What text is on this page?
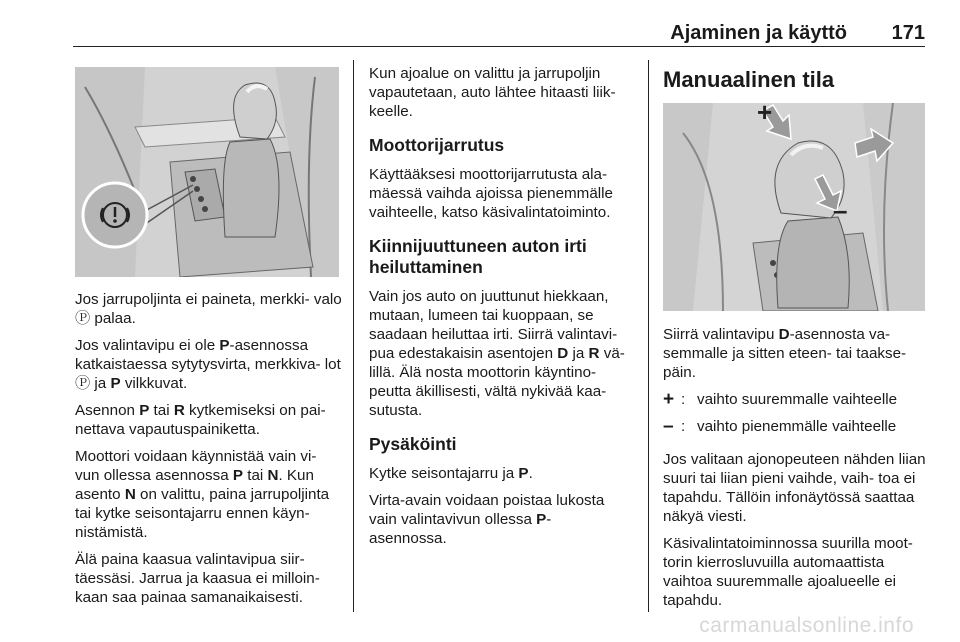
Ajaminen ja käyttö 171

Jos jarrupoljinta ei paineta, merkki- valo Ⓟ palaa.

Jos valintavipu ei ole P-asennossa katkaistaessa sytytysvirta, merkkiva- lot Ⓟ ja P vilkkuvat.

Asennon P tai R kytkemiseksi on pai- nettava vapautuspainiketta.

Moottori voidaan käynnistää vain vi- vun ollessa asennossa P tai N. Kun asento N on valittu, paina jarrupoljinta tai kytke seisontajarru ennen käyn- nistämistä.

Älä paina kaasua valintavipua siir- täessäsi. Jarrua ja kaasua ei milloin- kaan saa painaa samanaikaisesti.

Kun ajoalue on valittu ja jarrupoljin vapautetaan, auto lähtee hitaasti liik- keelle.

Moottorijarrutus

Käyttääksesi moottorijarrutusta ala- mäessä vaihda ajoissa pienemmälle vaihteelle, katso käsivalintatoiminto.

Kiinnijuuttuneen auton irti heiluttaminen

Vain jos auto on juuttunut hiekkaan, mutaan, lumeen tai kuoppaan, se saadaan heiluttaa irti. Siirrä valintavi- pua edestakaisin asentojen D ja R vä- lillä. Älä nosta moottorin käyntino- peutta äkillisesti, vältä nykivää kaa- sutusta.

Pysäköinti

Kytke seisontajarru ja P.

Virta-avain voidaan poistaa lukosta vain valintavivun ollessa P- asennossa.

Manuaalinen tila
+
–

Siirrä valintavipu D-asennosta va- semmalle ja sitten eteen- tai taakse- päin.

+ : vaihto suuremmalle vaihteelle
– : vaihto pienemmälle vaihteelle

Jos valitaan ajonopeuteen nähden liian suuri tai liian pieni vaihde, vaih- toa ei tapahdu. Tällöin infonäytössä saattaa näkyä viesti.

Käsivalintatoiminnossa suurilla moot- torin kierrosluvuilla automaattista vaihtoa suuremmalle ajoalueelle ei tapahdu.

carmanualsonline.info
